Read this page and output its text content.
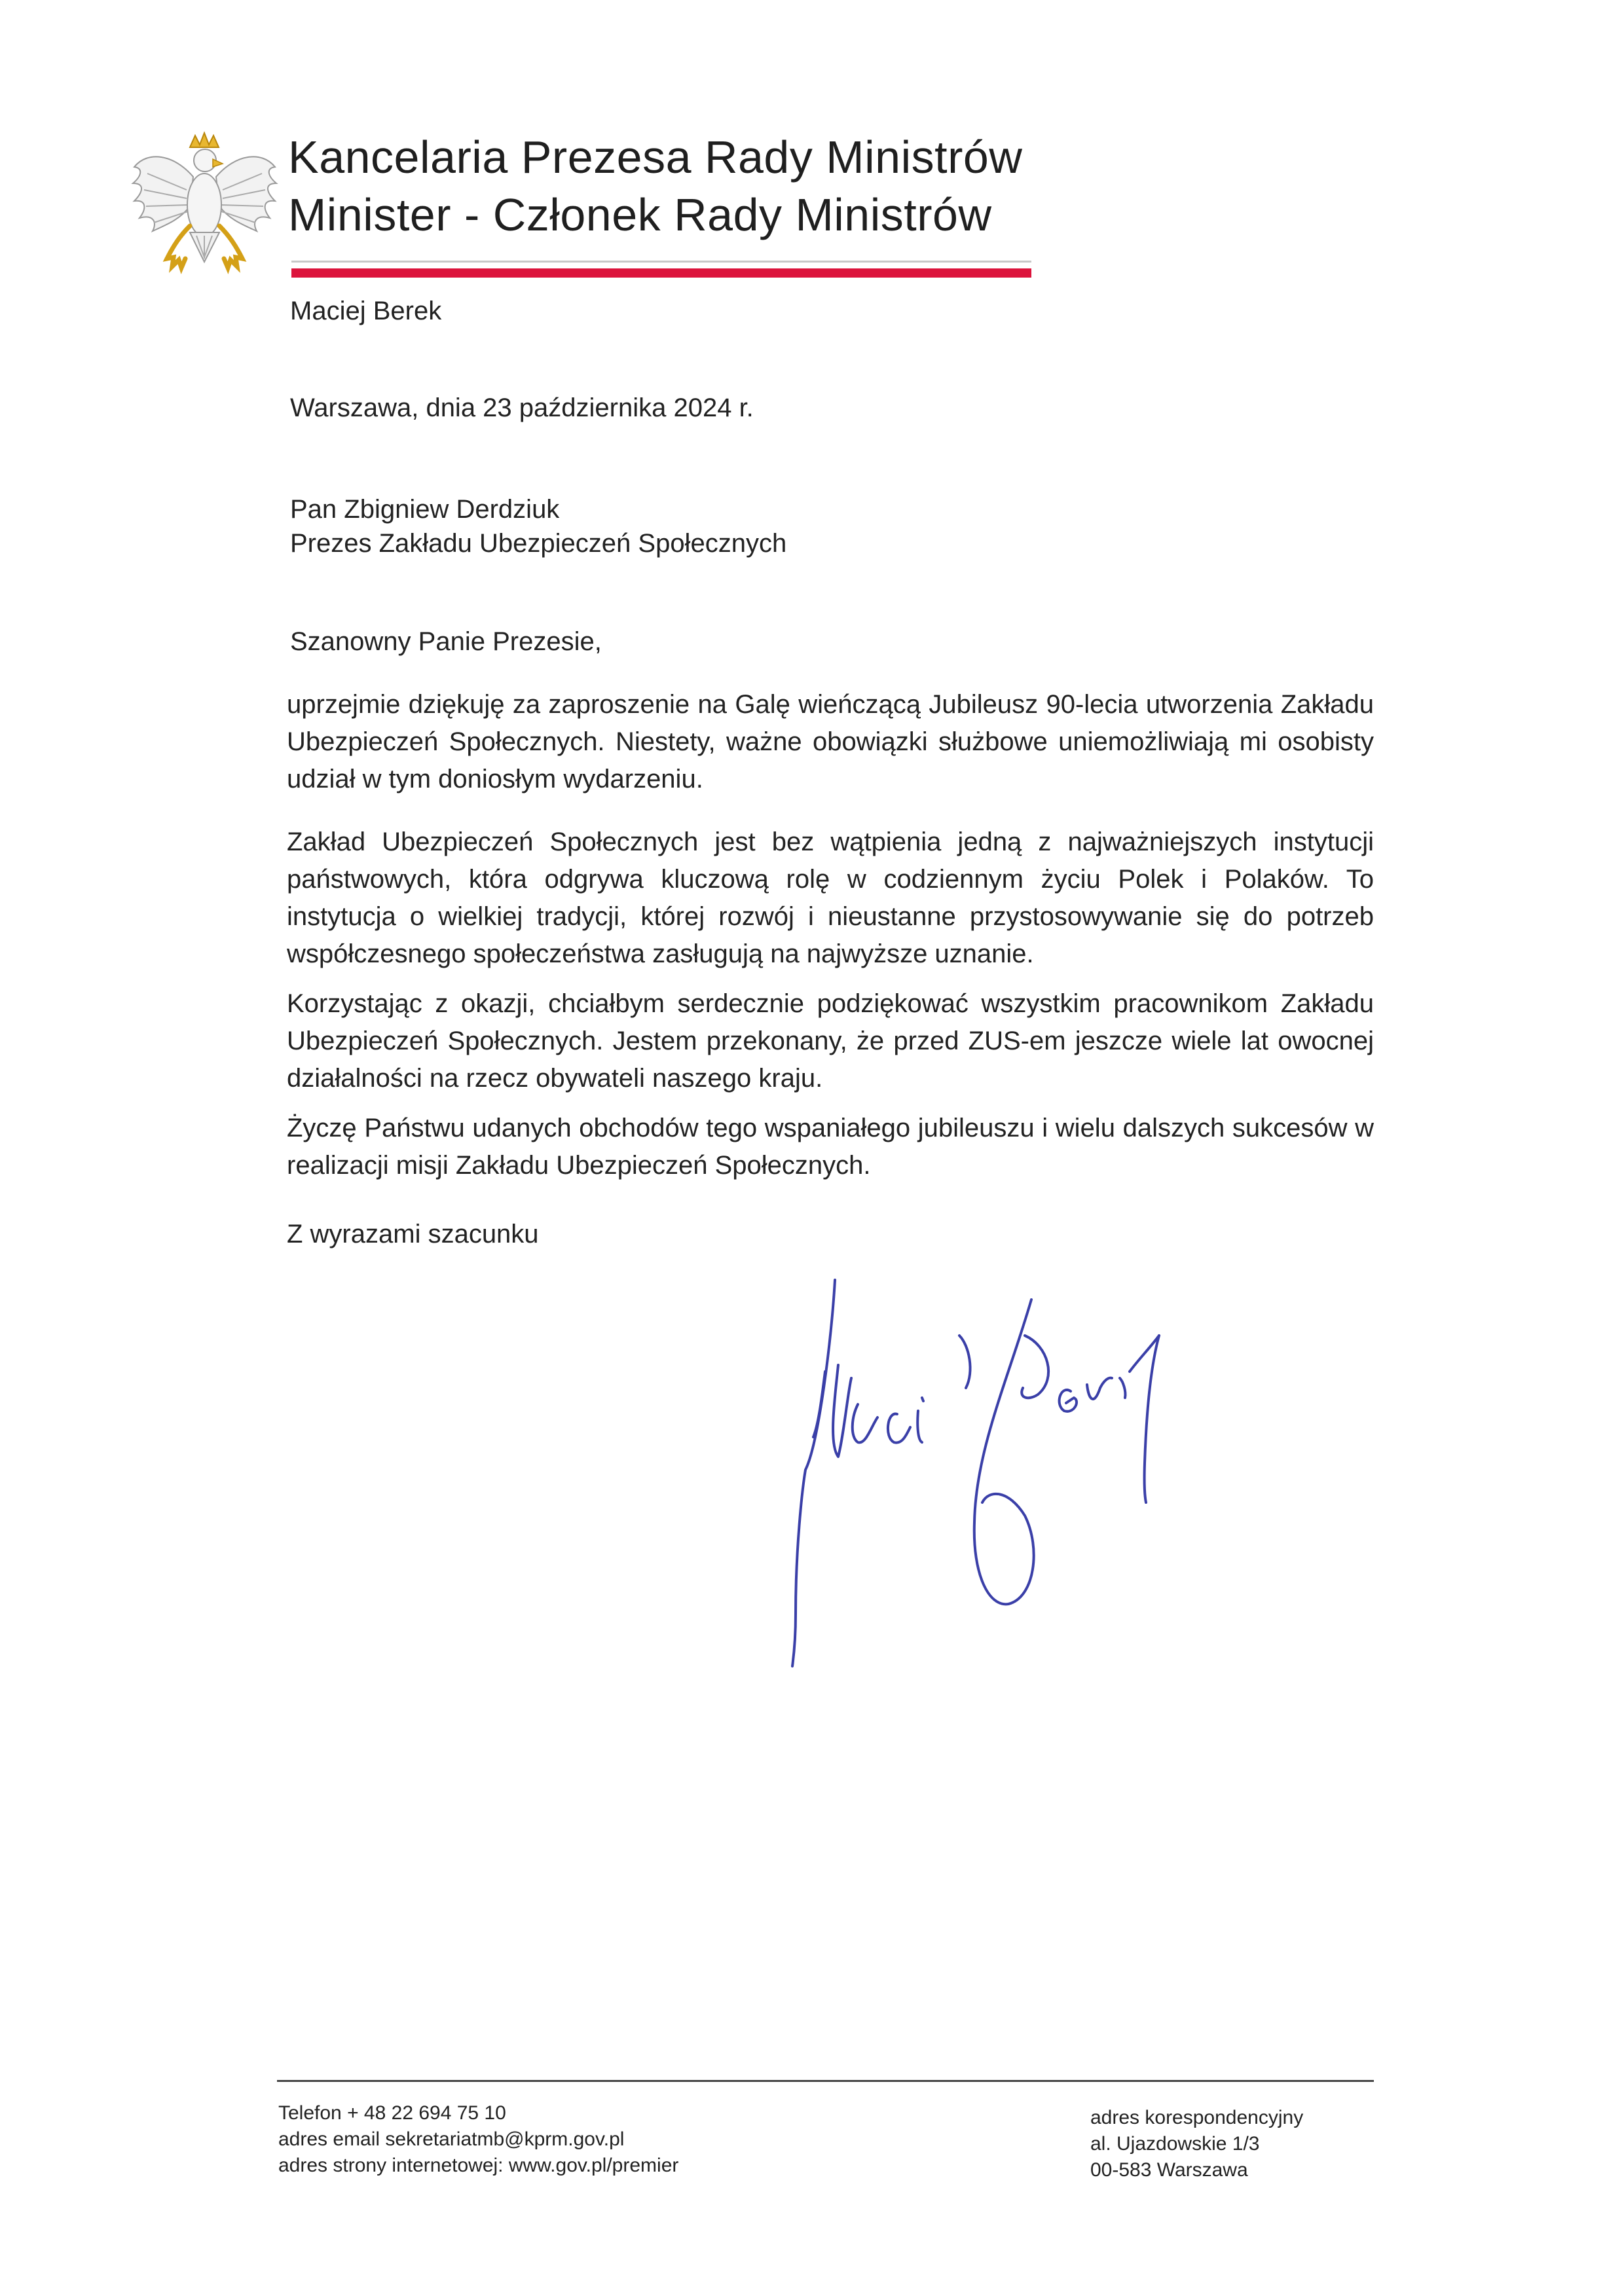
Kancelaria Prezesa Rady Ministrów
Minister - Członek Rady Ministrów
Maciej Berek
Warszawa, dnia 23 października 2024 r.
Pan Zbigniew Derdziuk
Prezes Zakładu Ubezpieczeń Społecznych
Szanowny Panie Prezesie,
uprzejmie dziękuję za zaproszenie na Galę wieńczącą Jubileusz 90-lecia utworzenia Zakładu Ubezpieczeń Społecznych. Niestety, ważne obowiązki służbowe uniemożliwiają mi osobisty udział w tym doniosłym wydarzeniu.
Zakład Ubezpieczeń Społecznych jest bez wątpienia jedną z najważniejszych instytucji państwowych, która odgrywa kluczową rolę w codziennym życiu Polek i Polaków. To instytucja o wielkiej tradycji, której rozwój i nieustanne przystosowywanie się do potrzeb współczesnego społeczeństwa zasługują na najwyższe uznanie.
Korzystając z okazji, chciałbym serdecznie podziękować wszystkim pracownikom Zakładu Ubezpieczeń Społecznych. Jestem przekonany, że przed ZUS-em jeszcze wiele lat owocnej działalności na rzecz obywateli naszego kraju.
Życzę Państwu udanych obchodów tego wspaniałego jubileuszu i wielu dalszych sukcesów w realizacji misji Zakładu Ubezpieczeń Społecznych.
Z wyrazami szacunku
Telefon + 48 22 694 75 10
adres email sekretariatmb@kprm.gov.pl
adres strony internetowej: www.gov.pl/premier
adres korespondencyjny
al. Ujazdowskie 1/3
00-583 Warszawa
